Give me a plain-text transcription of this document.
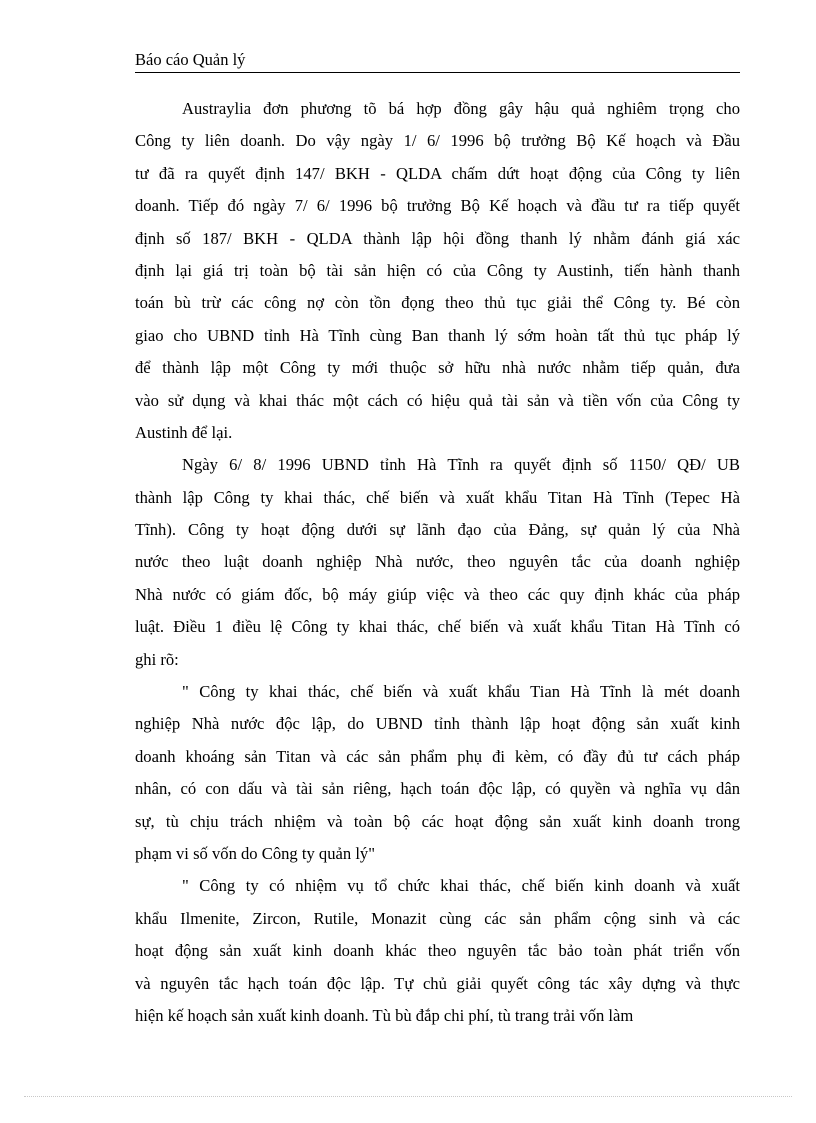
Báo cáo Quản lý
Austraylia đơn phương tõ bá hợp đồng gây hậu quả nghiêm trọng cho
Công ty liên doanh. Do vậy ngày 1/ 6/ 1996 bộ trưởng Bộ Kế hoạch và Đầu
tư đã ra quyết định 147/ BKH - QLDA chấm dứt hoạt động của Công ty liên
doanh. Tiếp đó ngày 7/ 6/ 1996 bộ trưởng Bộ Kế hoạch và đầu tư ra tiếp quyết
định số 187/ BKH - QLDA thành lập hội đồng thanh lý nhằm đánh giá xác
định lại giá trị toàn bộ tài sản hiện có của Công ty Austinh, tiến hành thanh
toán bù trừ các công nợ còn tồn đọng theo thủ tục giải thể Công ty. Bé còn
giao cho UBND tỉnh Hà Tĩnh cùng Ban thanh lý sớm hoàn tất thủ tục pháp lý
để thành lập một Công ty mới thuộc sở hữu nhà nước nhằm tiếp quản, đưa
vào sử dụng và khai thác một cách có hiệu quả tài sản và tiền vốn của Công ty
Austinh để lại.
Ngày 6/ 8/ 1996 UBND tỉnh Hà Tĩnh ra quyết định số 1150/ QĐ/ UB
thành lập Công ty khai thác, chế biến và xuất khẩu Titan Hà Tĩnh (Tepec Hà
Tĩnh). Công ty hoạt động dưới sự lãnh đạo của Đảng, sự quản lý của Nhà
nước theo luật doanh nghiệp Nhà nước, theo nguyên tắc của doanh nghiệp
Nhà nước có giám đốc, bộ máy giúp việc và theo các quy định khác của pháp
luật. Điều 1 điều lệ Công ty khai thác, chế biến và xuất khẩu Titan Hà Tĩnh có
ghi rõ:
" Công ty khai thác, chế biến và xuất khẩu Tian Hà Tĩnh là mét doanh
nghiệp Nhà nước độc lập, do UBND tỉnh thành lập hoạt động sản xuất kinh
doanh khoáng sản Titan và các sản phẩm phụ đi kèm, có đầy đủ tư cách pháp
nhân, có con dấu và tài sản riêng, hạch toán độc lập, có quyền và nghĩa vụ dân
sự, tù chịu trách nhiệm và toàn bộ các hoạt động sản xuất kinh doanh trong
phạm vi số vốn do Công ty quản lý"
" Công ty có nhiệm vụ tổ chức khai thác, chế biến kinh doanh và xuất
khẩu Ilmenite, Zircon, Rutile, Monazit cùng các sản phẩm cộng sinh và các
hoạt động sản xuất kinh doanh khác theo nguyên tắc bảo toàn phát triển vốn
và nguyên tắc hạch toán độc lập. Tự chủ giải quyết công tác xây dựng và thực
hiện kế hoạch sản xuất kinh doanh. Tù bù đắp chi phí, tù trang trải vốn làm
